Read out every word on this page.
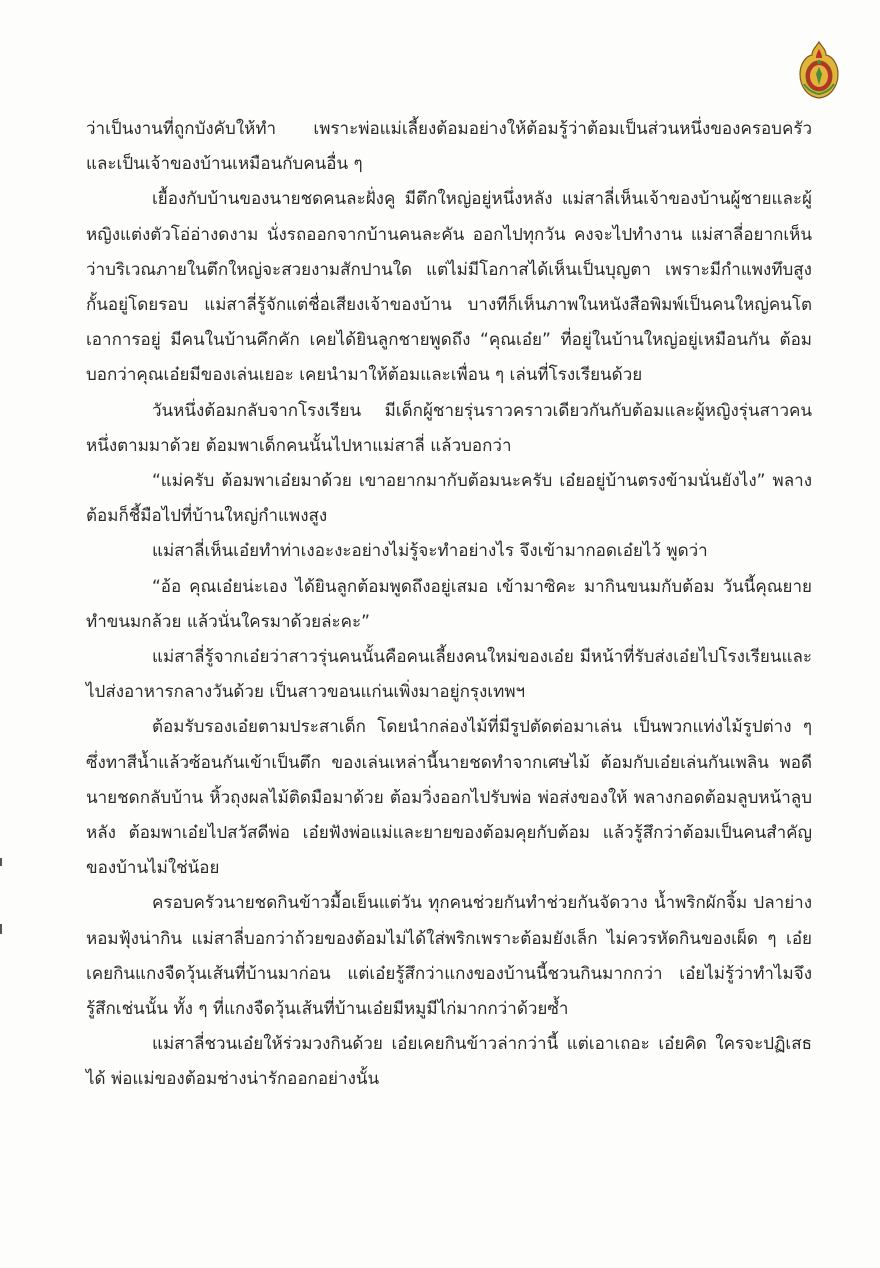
ว่าเป็นงานที่ถูกบังคับให้ทำ เพราะพ่อแม่เลี้ยงต้อมอย่างให้ต้อมรู้ว่าต้อมเป็นส่วนหนึ่งของครอบครัว และเป็นเจ้าของบ้านเหมือนกับคนอื่น ๆ

เยื้องกับบ้านของนายชดคนละฝั่งคู มีตึกใหญ่อยู่หนึ่งหลัง แม่สาลี่เห็นเจ้าของบ้านผู้ชายและผู้หญิงแต่งตัวโอ่อ่างดงาม นั่งรถออกจากบ้านคนละคัน ออกไปทุกวัน คงจะไปทำงาน แม่สาลี่อยากเห็นว่าบริเวณภายในตึกใหญ่จะสวยงามสักปานใด แต่ไม่มีโอกาสได้เห็นเป็นบุญตา เพราะมีกำแพงทึบสูงกั้นอยู่โดยรอบ แม่สาลี่รู้จักแต่ชื่อเสียงเจ้าของบ้าน บางทีก็เห็นภาพในหนังสือพิมพ์เป็นคนใหญ่คนโตเอาการอยู่ มีคนในบ้านคึกคัก เคยได้ยินลูกชายพูดถึง “คุณเอ๋ย” ที่อยู่ในบ้านใหญ่อยู่เหมือนกัน ต้อมบอกว่าคุณเอ๋ยมีของเล่นเยอะ เคยนำมาให้ต้อมและเพื่อน ๆ เล่นที่โรงเรียนด้วย

วันหนึ่งต้อมกลับจากโรงเรียน มีเด็กผู้ชายรุ่นราวคราวเดียวกันกับต้อมและผู้หญิงรุ่นสาวคนหนึ่งตามมาด้วย ต้อมพาเด็กคนนั้นไปหาแม่สาลี่ แล้วบอกว่า

“แม่ครับ ต้อมพาเอ๋ยมาด้วย เขาอยากมากับต้อมนะครับ เอ๋ยอยู่บ้านตรงข้ามนั่นยังไง” พลางต้อมก็ชี้มือไปที่บ้านใหญ่กำแพงสูง

แม่สาลี่เห็นเอ๋ยทำท่าเงอะงะอย่างไม่รู้จะทำอย่างไร จึงเข้ามากอดเอ๋ยไว้ พูดว่า

“อ้อ คุณเอ๋ยน่ะเอง ได้ยินลูกต้อมพูดถึงอยู่เสมอ เข้ามาซิคะ มากินขนมกับต้อม วันนี้คุณยายทำขนมกล้วย แล้วนั่นใครมาด้วยล่ะคะ”

แม่สาลี่รู้จากเอ๋ยว่าสาวรุ่นคนนั้นคือคนเลี้ยงคนใหม่ของเอ๋ย มีหน้าที่รับส่งเอ๋ยไปโรงเรียนและไปส่งอาหารกลางวันด้วย เป็นสาวขอนแก่นเพิ่งมาอยู่กรุงเทพฯ

ต้อมรับรองเอ๋ยตามประสาเด็ก โดยนำกล่องไม้ที่มีรูปตัดต่อมาเล่น เป็นพวกแท่งไม้รูปต่าง ๆ ซึ่งทาสีน้ำแล้วซ้อนกันเข้าเป็นตึก ของเล่นเหล่านี้นายชดทำจากเศษไม้ ต้อมกับเอ๋ยเล่นกันเพลิน พอดีนายชดกลับบ้าน หิ้วถุงผลไม้ติดมือมาด้วย ต้อมวิ่งออกไปรับพ่อ พ่อส่งของให้ พลางกอดต้อมลูบหน้าลูบหลัง ต้อมพาเอ๋ยไปสวัสดีพ่อ เอ๋ยฟังพ่อแม่และยายของต้อมคุยกับต้อม แล้วรู้สึกว่าต้อมเป็นคนสำคัญของบ้านไม่ใช่น้อย

ครอบครัวนายชดกินข้าวมื้อเย็นแต่วัน ทุกคนช่วยกันทำช่วยกันจัดวาง น้ำพริกผักจิ้ม ปลาย่าง หอมฟุ้งน่ากิน แม่สาลี่บอกว่าถ้วยของต้อมไม่ได้ใส่พริกเพราะต้อมยังเล็ก ไม่ควรหัดกินของเผ็ด ๆ เอ๋ยเคยกินแกงจืดวุ้นเส้นที่บ้านมาก่อน แต่เอ๋ยรู้สึกว่าแกงของบ้านนี้ชวนกินมากกว่า เอ๋ยไม่รู้ว่าทำไมจึงรู้สึกเช่นนั้น ทั้ง ๆ ที่แกงจืดวุ้นเส้นที่บ้านเอ๋ยมีหมูมีไก่มากกว่าด้วยซ้ำ

แม่สาลี่ชวนเอ๋ยให้ร่วมวงกินด้วย เอ๋ยเคยกินข้าวล่ากว่านี้ แต่เอาเถอะ เอ๋ยคิด ใครจะปฏิเสธได้ พ่อแม่ของต้อมช่างน่ารักออกอย่างนั้น
